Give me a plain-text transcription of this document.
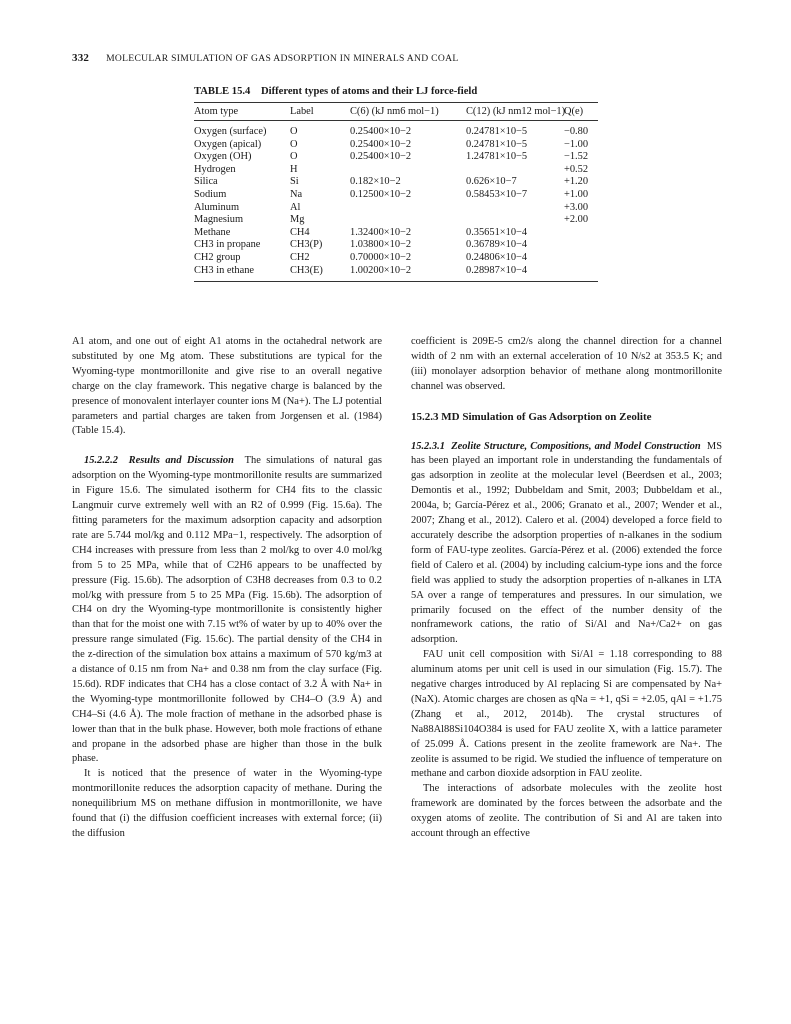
332 MOLECULAR SIMULATION OF GAS ADSORPTION IN MINERALS AND COAL
TABLE 15.4 Different types of atoms and their LJ force-field
Atom type	Label	C(6) (kJ nm6 mol−1)	C(12) (kJ nm12 mol−1)	Q(e)
Oxygen (surface)	O	0.25400×10−2	0.24781×10−5	−0.80
Oxygen (apical)	O	0.25400×10−2	0.24781×10−5	−1.00
Oxygen (OH)	O	0.25400×10−2	1.24781×10−5	−1.52
Hydrogen	H			+0.52
Silica	Si	0.182×10−2	0.626×10−7	+1.20
Sodium	Na	0.12500×10−2	0.58453×10−7	+1.00
Aluminum	Al			+3.00
Magnesium	Mg			+2.00
Methane	CH4	1.32400×10−2	0.35651×10−4	
CH3 in propane	CH3(P)	1.03800×10−2	0.36789×10−4	
CH2 group	CH2	0.70000×10−2	0.24806×10−4	
CH3 in ethane	CH3(E)	1.00200×10−2	0.28987×10−4	

A1 atom, and one out of eight A1 atoms in the octahedral network are substituted by one Mg atom. These substitutions are typical for the Wyoming-type montmorillonite and give rise to an overall negative charge on the clay framework. This negative charge is balanced by the presence of monovalent interlayer counter ions M (Na+). The LJ potential parameters and partial charges are taken from Jorgensen et al. (1984) (Table 15.4).

15.2.2.2 Results and Discussion The simulations of natural gas adsorption on the Wyoming-type montmorillonite results are summarized in Figure 15.6. The simulated isotherm for CH4 fits to the classic Langmuir curve extremely well with an R2 of 0.999 (Fig. 15.6a). The fitting parameters for the maximum adsorption capacity and adsorption rate are 5.744 mol/kg and 0.112 MPa−1, respectively. The adsorption of CH4 increases with pressure from less than 2 mol/kg to over 4.0 mol/kg from 5 to 25 MPa, while that of C2H6 appears to be unaffected by pressure (Fig. 15.6b). The adsorption of C3H8 decreases from 0.3 to 0.2 mol/kg with pressure from 5 to 25 MPa (Fig. 15.6b). The adsorption of CH4 on dry the Wyoming-type montmorillonite is consistently higher than that for the moist one with 7.15 wt% of water by up to 40% over the pressure range simulated (Fig. 15.6c). The partial density of the CH4 in the z-direction of the simulation box attains a maximum of 570 kg/m3 at a distance of 0.15 nm from Na+ and 0.38 nm from the clay surface (Fig. 15.6d). RDF indicates that CH4 has a close contact of 3.2 Å with Na+ in the Wyoming-type montmorillonite followed by CH4–O (3.9 Å) and CH4–Si (4.6 Å). The mole fraction of methane in the adsorbed phase is lower than that in the bulk phase. However, both mole fractions of ethane and propane in the adsorbed phase are higher than those in the bulk phase.

It is noticed that the presence of water in the Wyoming-type montmorillonite reduces the adsorption capacity of methane. During the nonequilibrium MS on methane diffusion in montmorillonite, we have found that (i) the diffusion coefficient increases with external force; (ii) the diffusion

coefficient is 209E-5 cm2/s along the channel direction for a channel width of 2 nm with an external acceleration of 10 N/s2 at 353.5 K; and (iii) monolayer adsorption behavior of methane along montmorillonite channel was observed.

15.2.3 MD Simulation of Gas Adsorption on Zeolite

15.2.3.1 Zeolite Structure, Compositions, and Model Construction MS has been played an important role in understanding the fundamentals of gas adsorption in zeolite at the molecular level (Beerdsen et al., 2003; Demontis et al., 1992; Dubbeldam and Smit, 2003; Dubbeldam et al., 2004a, b; García-Pérez et al., 2006; Granato et al., 2007; Wender et al., 2007; Zhang et al., 2012). Calero et al. (2004) developed a force field to accurately describe the adsorption properties of n-alkanes in the sodium form of FAU-type zeolites. García-Pérez et al. (2006) extended the force field of Calero et al. (2004) by including calcium-type ions and the force field was applied to study the adsorption properties of n-alkanes in LTA 5A over a range of temperatures and pressures. In our simulation, we primarily focused on the effect of the number density of the nonframework cations, the ratio of Si/Al and Na+/Ca2+ on gas adsorption.

FAU unit cell composition with Si/Al = 1.18 corresponding to 88 aluminum atoms per unit cell is used in our simulation (Fig. 15.7). The negative charges introduced by Al replacing Si are compensated by Na+ (NaX). Atomic charges are chosen as qNa = +1, qSi = +2.05, qAl = +1.75 (Zhang et al., 2012, 2014b). The crystal structures of Na88Al88Si104O384 is used for FAU zeolite X, with a lattice parameter of 25.099 Å. Cations present in the zeolite framework are Na+. The zeolite is assumed to be rigid. We studied the influence of temperature on methane and carbon dioxide adsorption in FAU zeolite.

The interactions of adsorbate molecules with the zeolite host framework are dominated by the forces between the adsorbate and the oxygen atoms of zeolite. The contribution of Si and Al are taken into account through an effective
